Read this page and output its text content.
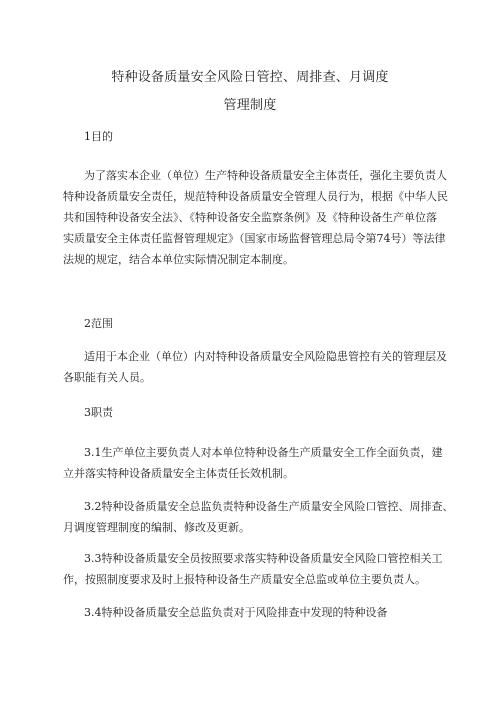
特种设备质量安全风险日管控、周排查、月调度
管理制度
1目的
为了落实本企业（单位）生产特种设备质量安全主体责任，强化主要负责人
特种设备质量安全责任，规范特种设备质量安全管理人员行为，根据《中华人民
共和国特种设备安全法》、《特种设备安全监察条例》及《特种设备生产单位落
实质量安全主体责任监督管理规定》（国家市场监督管理总局令第74号）等法律
法规的规定，结合本单位实际情况制定本制度。
2范围
适用于本企业（单位）内对特种设备质量安全风险隐患管控有关的管理层及
各职能有关人员。
3职责
3.1生产单位主要负责人对本单位特种设备生产质量安全工作全面负责，建
立并落实特种设备质量安全主体责任长效机制。
3.2特种设备质量安全总监负责特种设备生产质量安全风险口管控、周排查、
月调度管理制度的编制、修改及更新。
3.3特种设备质量安全员按照要求落实特种设备质量安全风险口管控相关工
作，按照制度要求及时上报特种设备生产质量安全总监或单位主要负责人。
3.4特种设备质量安全总监负责对于风险排查中发现的特种设备
